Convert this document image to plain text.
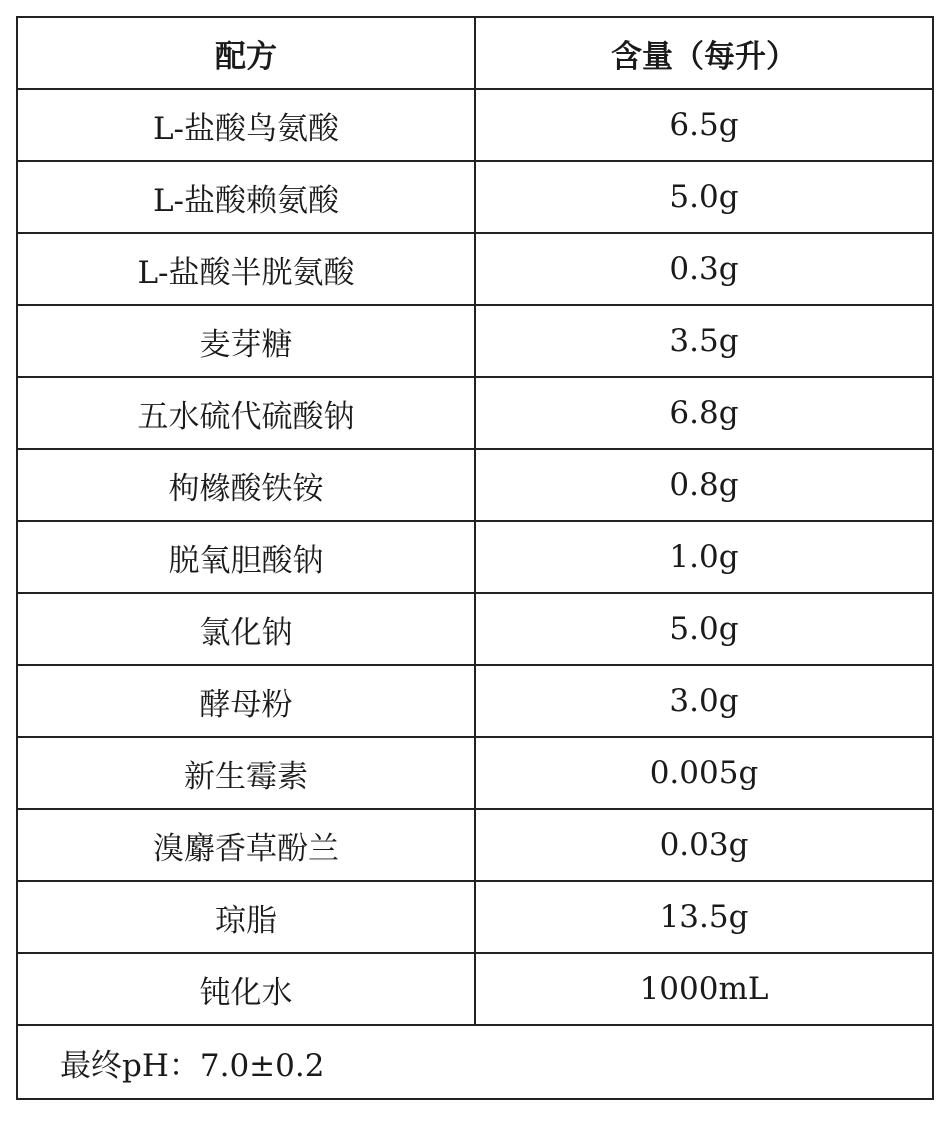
配方	含量（每升）
L-盐酸鸟氨酸	6.5g
L-盐酸赖氨酸	5.0g
L-盐酸半胱氨酸	0.3g
麦芽糖	3.5g
五水硫代硫酸钠	6.8g
枸橼酸铁铵	0.8g
脱氧胆酸钠	1.0g
氯化钠	5.0g
酵母粉	3.0g
新生霉素	0.005g
溴麝香草酚兰	0.03g
琼脂	13.5g
钝化水	1000mL
最终pH：7.0±0.2	
